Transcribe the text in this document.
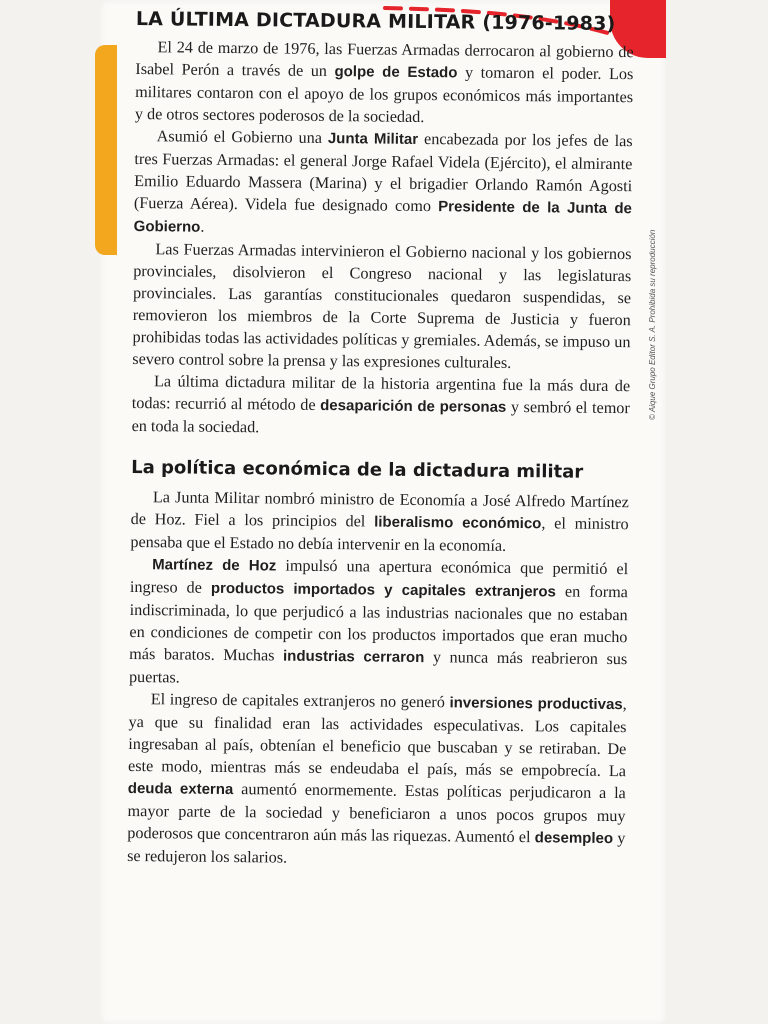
© Aique Grupo Editor S. A. Prohibida su reproducción
LA ÚLTIMA DICTADURA MILITAR (1976-1983)

El 24 de marzo de 1976, las Fuerzas Armadas derrocaron al gobierno de Isabel Perón a través de un golpe de Estado y tomaron el poder. Los militares contaron con el apoyo de los grupos económicos más importantes y de otros sectores poderosos de la sociedad.

Asumió el Gobierno una Junta Militar encabezada por los jefes de las tres Fuerzas Armadas: el general Jorge Rafael Videla (Ejército), el almirante Emilio Eduardo Massera (Marina) y el brigadier Orlando Ramón Agosti (Fuerza Aérea). Videla fue designado como Presidente de la Junta de Gobierno.

Las Fuerzas Armadas intervinieron el Gobierno nacional y los gobiernos provinciales, disolvieron el Congreso nacional y las legislaturas provinciales. Las garantías constitucionales quedaron suspendidas, se removieron los miembros de la Corte Suprema de Justicia y fueron prohibidas todas las actividades políticas y gremiales. Además, se impuso un severo control sobre la prensa y las expresiones culturales.

La última dictadura militar de la historia argentina fue la más dura de todas: recurrió al método de desaparición de personas y sembró el temor en toda la sociedad.

La política económica de la dictadura militar

La Junta Militar nombró ministro de Economía a José Alfredo Martínez de Hoz. Fiel a los principios del liberalismo económico, el ministro pensaba que el Estado no debía intervenir en la economía.

Martínez de Hoz impulsó una apertura económica que permitió el ingreso de productos importados y capitales extranjeros en forma indiscriminada, lo que perjudicó a las industrias nacionales que no estaban en condiciones de competir con los productos importados que eran mucho más baratos. Muchas industrias cerraron y nunca más reabrieron sus puertas.

El ingreso de capitales extranjeros no generó inversiones productivas, ya que su finalidad eran las actividades especulativas. Los capitales ingresaban al país, obtenían el beneficio que buscaban y se retiraban. De este modo, mientras más se endeudaba el país, más se empobrecía. La deuda externa aumentó enormemente. Estas políticas perjudicaron a la mayor parte de la sociedad y beneficiaron a unos pocos grupos muy poderosos que concentraron aún más las riquezas. Aumentó el desempleo y se redujeron los salarios.
